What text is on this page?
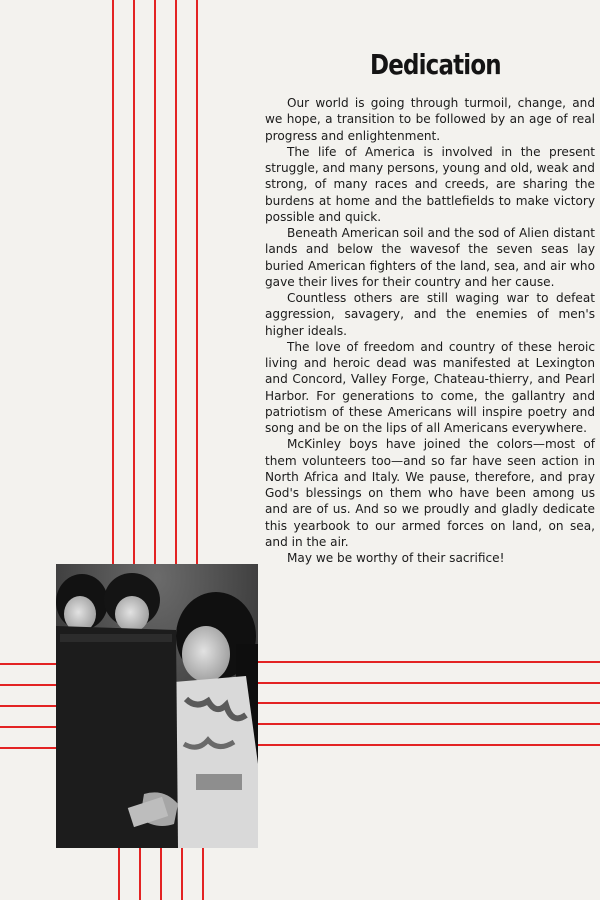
Dedication

Our world is going through turmoil, change, and we hope, a transition to be followed by an age of real progress and enlightenment.

The life of America is involved in the present struggle, and many persons, young and old, weak and strong, of many races and creeds, are sharing the burdens at home and the battlefields to make victory possible and quick.

Beneath American soil and the sod of Alien distant lands and below the wavesof the seven seas lay buried American fighters of the land, sea, and air who gave their lives for their country and her cause.

Countless others are still waging war to defeat aggression, savagery, and the enemies of men's higher ideals.

The love of freedom and country of these heroic living and heroic dead was manifested at Lexington and Concord, Valley Forge, Chateau-thierry, and Pearl Harbor. For generations to come, the gallantry and patriotism of these Americans will inspire poetry and song and be on the lips of all Americans everywhere.

McKinley boys have joined the colors—most of them volunteers too—and so far have seen action in North Africa and Italy. We pause, therefore, and pray God's blessings on them who have been among us and are of us. And so we proudly and gladly dedicate this yearbook to our armed forces on land, on sea, and in the air.

May we be worthy of their sacrifice!
